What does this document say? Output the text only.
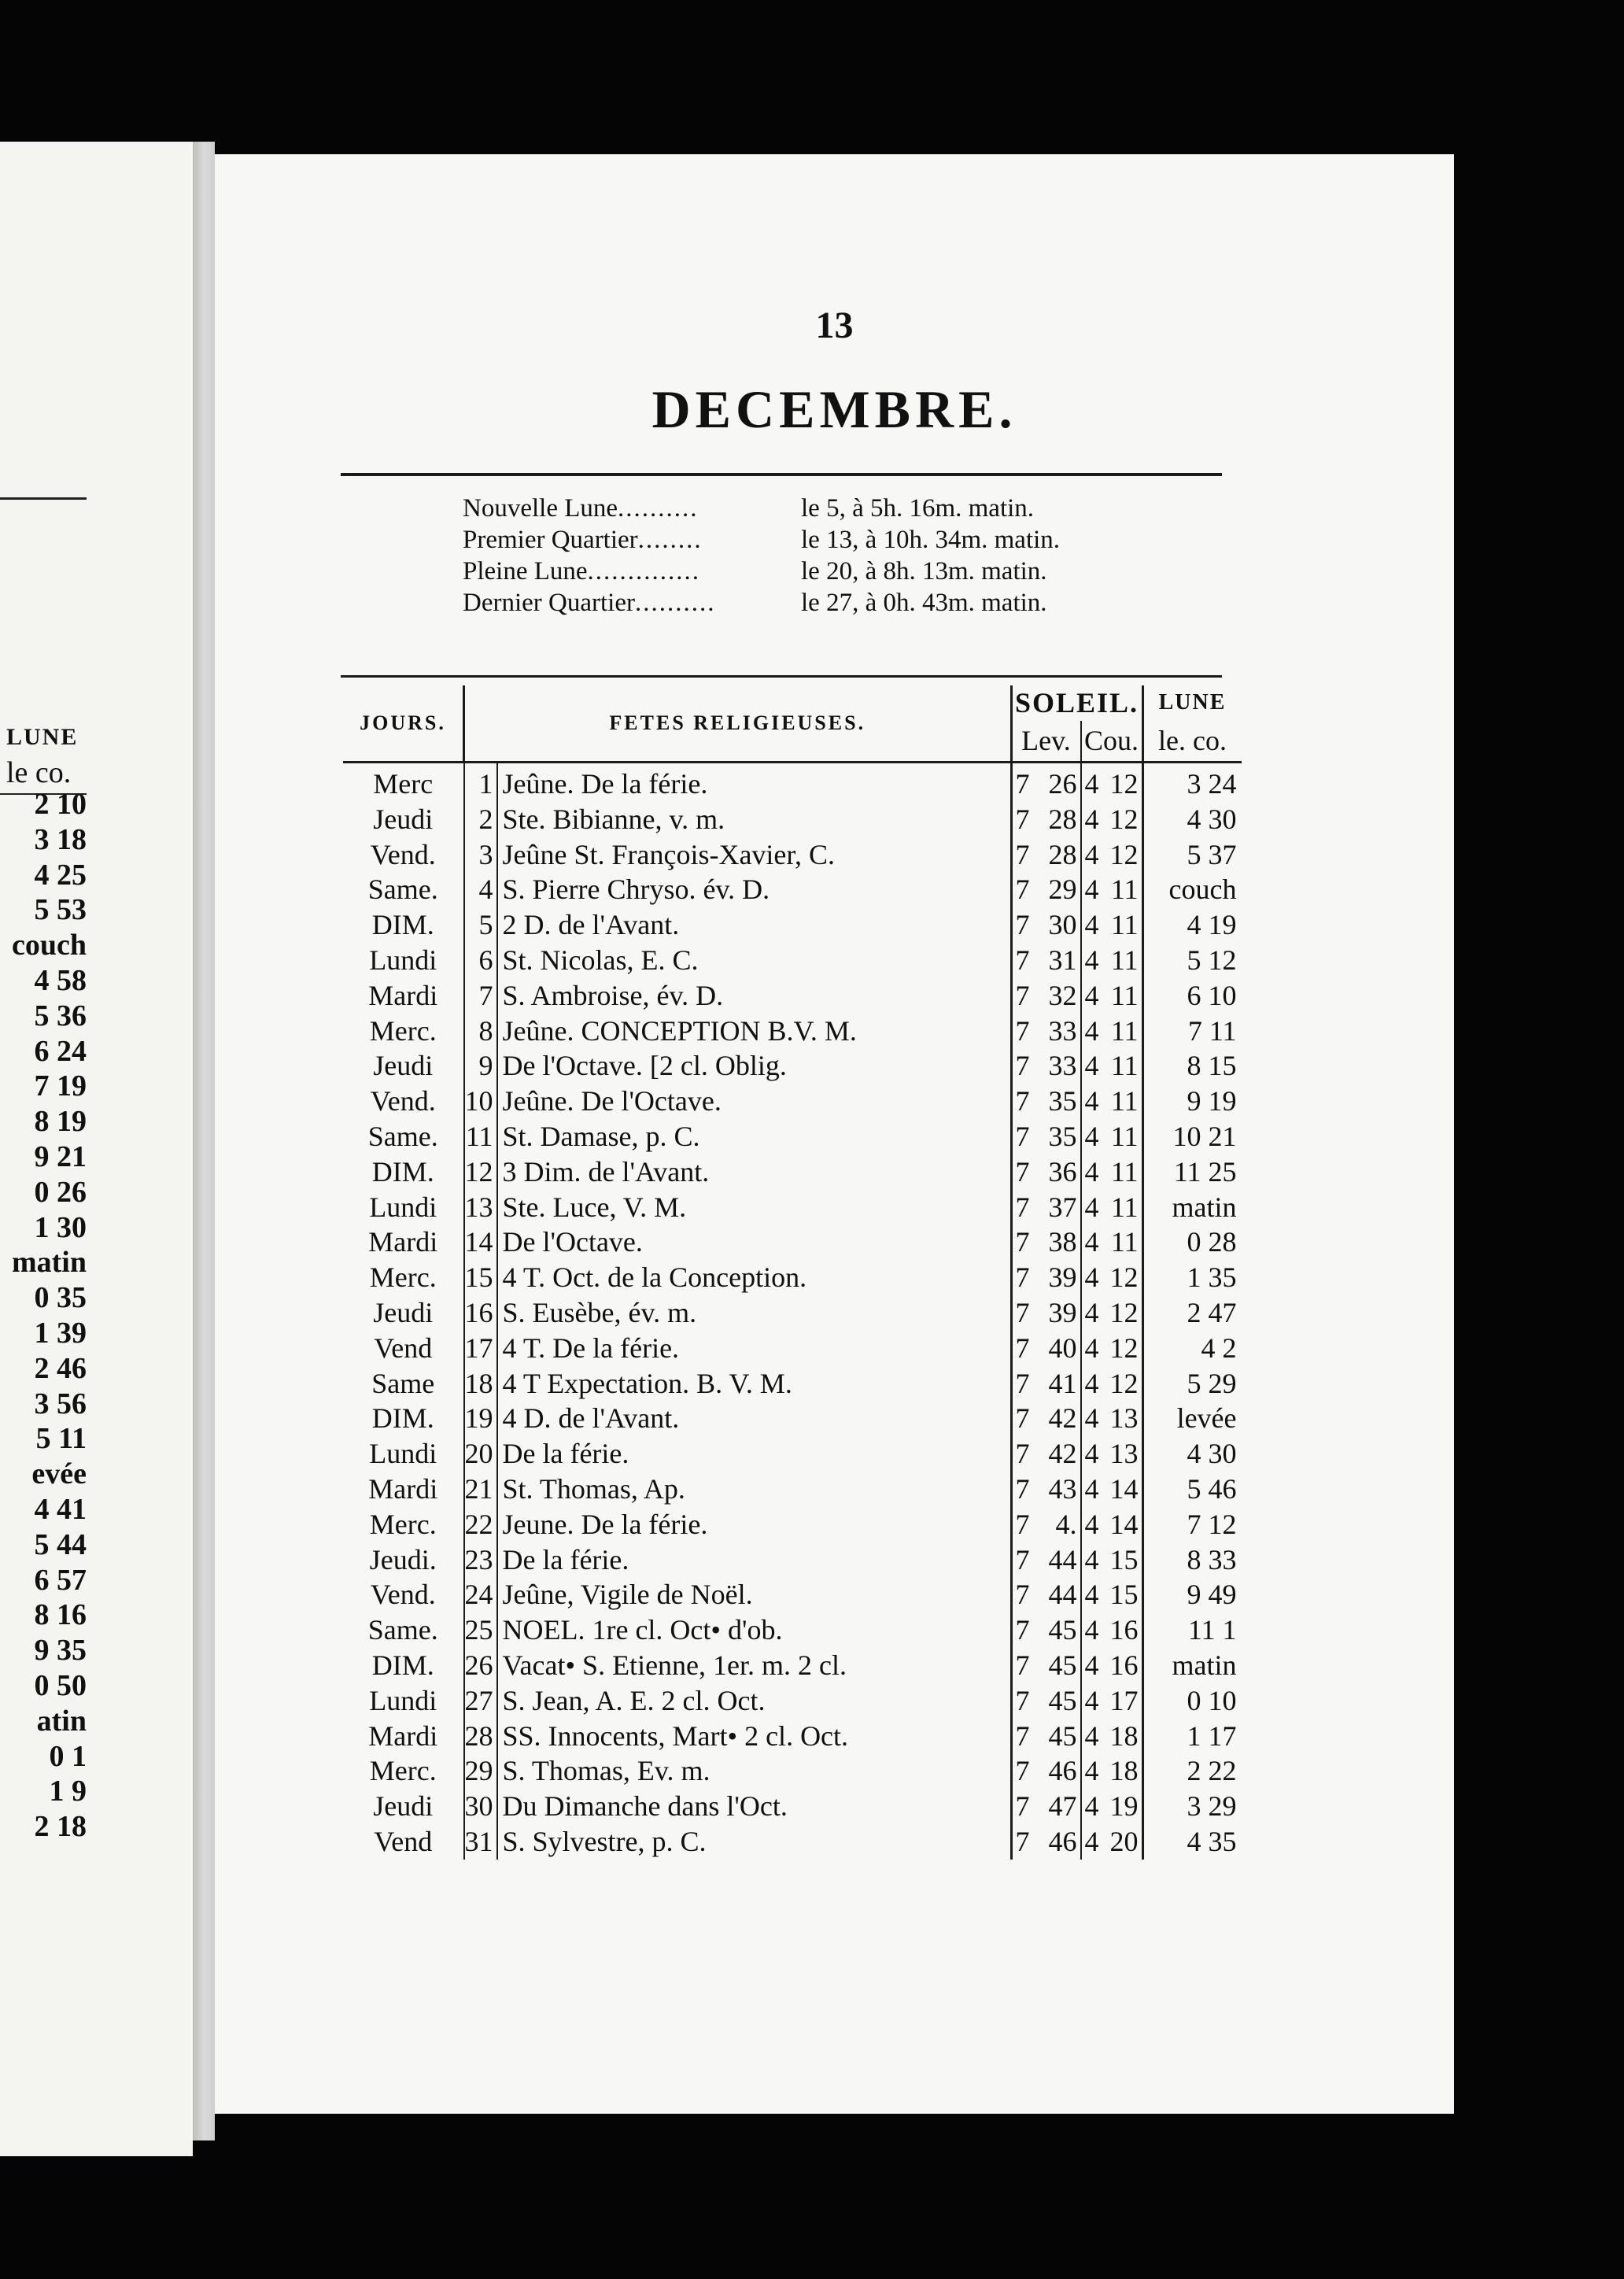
LUNE
le co.
2 10
3 18
4 25
5 53
couch
4 58
5 36
6 24
7 19
8 19
9 21
0 26
1 30
matin
0 35
1 39
2 46
3 56
5 11
evée
4 41
5 44
6 57
8 16
9 35
0 50
atin
0 1
1 9
2 18
13
DECEMBRE.
Nouvelle Lune..........	le 5, à 5h. 16m. matin.
Premier Quartier........	le 13, à 10h. 34m. matin.
Pleine Lune..............	le 20, à 8h. 13m. matin.
Dernier Quartier..........	le 27, à 0h. 43m. matin.
JOURS.	FETES RELIGIEUSES.		SOLEIL.				LUNE
			Lev.		Cou.		le. co.
Merc	1	Jeûne. De la férie.	7	26	4	12	3 24
Jeudi	2	Ste. Bibianne, v. m.	7	28	4	12	4 30
Vend.	3	Jeûne St. François-Xavier, C.	7	28	4	12	5 37
Same.	4	S. Pierre Chryso. év. D.	7	29	4	11	couch
DIM.	5	2 D. de l'Avant.	7	30	4	11	4 19
Lundi	6	St. Nicolas, E. C.	7	31	4	11	5 12
Mardi	7	S. Ambroise, év. D.	7	32	4	11	6 10
Merc.	8	Jeûne. CONCEPTION B.V. M.	7	33	4	11	7 11
Jeudi	9	De l'Octave. [2 cl. Oblig.	7	33	4	11	8 15
Vend.	10	Jeûne. De l'Octave.	7	35	4	11	9 19
Same.	11	St. Damase, p. C.	7	35	4	11	10 21
DIM.	12	3 Dim. de l'Avant.	7	36	4	11	11 25
Lundi	13	Ste. Luce, V. M.	7	37	4	11	matin
Mardi	14	De l'Octave.	7	38	4	11	0 28
Merc.	15	4 T. Oct. de la Conception.	7	39	4	12	1 35
Jeudi	16	S. Eusèbe, év. m.	7	39	4	12	2 47
Vend	17	4 T. De la férie.	7	40	4	12	4 2
Same	18	4 T Expectation. B. V. M.	7	41	4	12	5 29
DIM.	19	4 D. de l'Avant.	7	42	4	13	levée
Lundi	20	De la férie.	7	42	4	13	4 30
Mardi	21	St. Thomas, Ap.	7	43	4	14	5 46
Merc.	22	Jeune. De la férie.	7	4.	4	14	7 12
Jeudi.	23	De la férie.	7	44	4	15	8 33
Vend.	24	Jeûne, Vigile de Noël.	7	44	4	15	9 49
Same.	25	NOEL. 1re cl. Oct• d'ob.	7	45	4	16	11 1
DIM.	26	Vacat• S. Etienne, 1er. m. 2 cl.	7	45	4	16	matin
Lundi	27	S. Jean, A. E. 2 cl. Oct.	7	45	4	17	0 10
Mardi	28	SS. Innocents, Mart• 2 cl. Oct.	7	45	4	18	1 17
Merc.	29	S. Thomas, Ev. m.	7	46	4	18	2 22
Jeudi	30	Du Dimanche dans l'Oct.	7	47	4	19	3 29
Vend	31	S. Sylvestre, p. C.	7	46	4	20	4 35
